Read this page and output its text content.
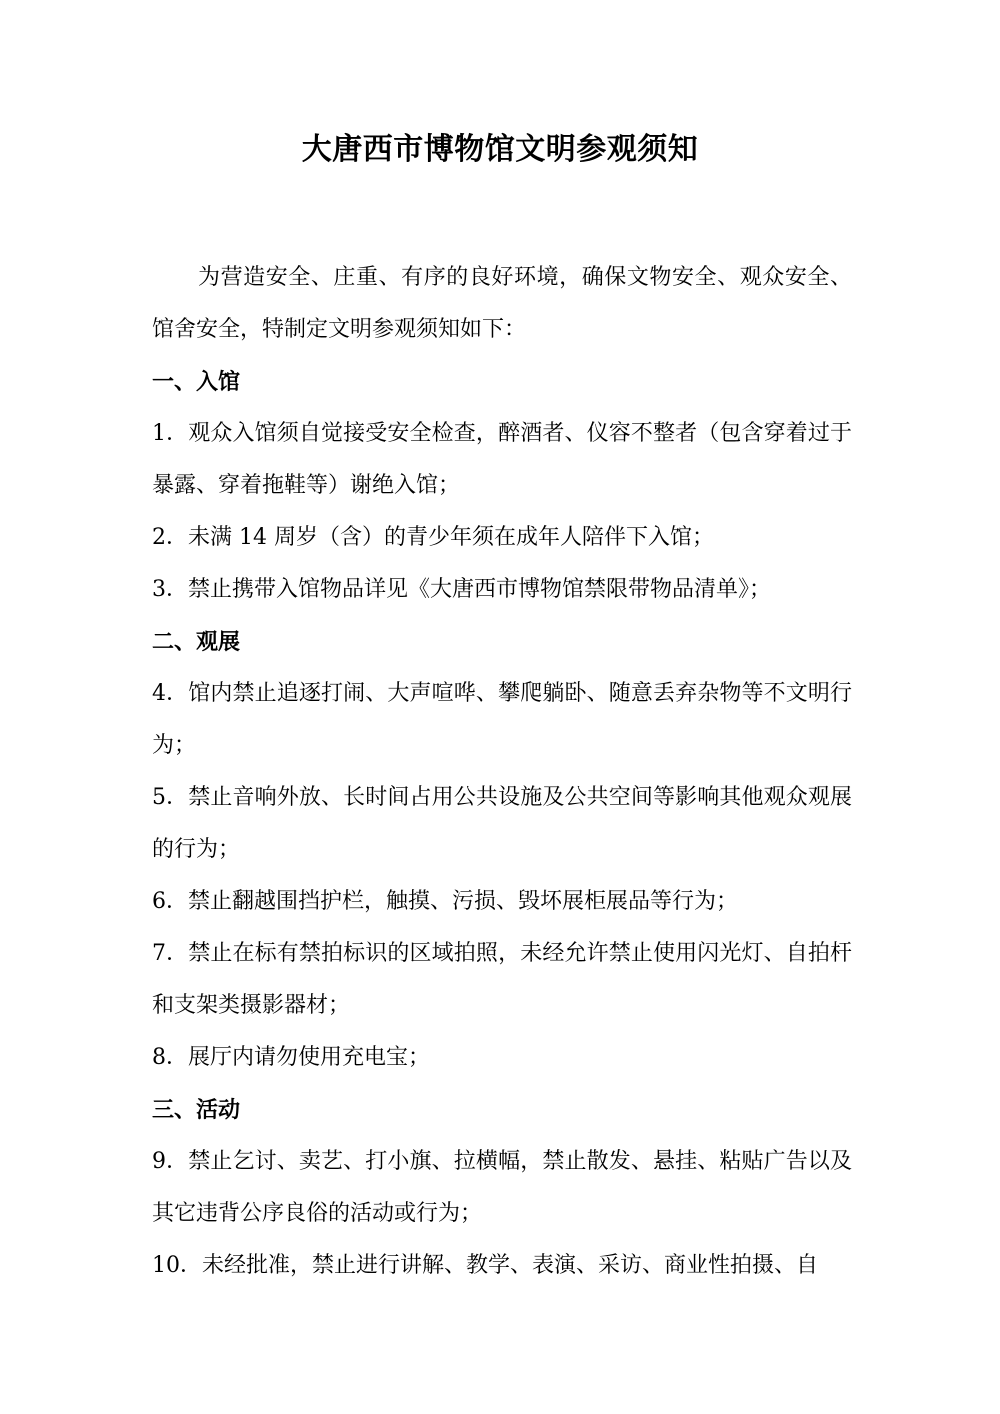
大唐西市博物馆文明参观须知

为营造安全、庄重、有序的良好环境，确保文物安全、观众安全、馆舍安全，特制定文明参观须知如下：

一、入馆

1．观众入馆须自觉接受安全检查，醉酒者、仪容不整者（包含穿着过于暴露、穿着拖鞋等）谢绝入馆；

2．未满 14 周岁（含）的青少年须在成年人陪伴下入馆；

3．禁止携带入馆物品详见《大唐西市博物馆禁限带物品清单》；

二、观展

4．馆内禁止追逐打闹、大声喧哗、攀爬躺卧、随意丢弃杂物等不文明行为；

5．禁止音响外放、长时间占用公共设施及公共空间等影响其他观众观展的行为；

6．禁止翻越围挡护栏，触摸、污损、毁坏展柜展品等行为；

7．禁止在标有禁拍标识的区域拍照，未经允许禁止使用闪光灯、自拍杆和支架类摄影器材；

8．展厅内请勿使用充电宝；

三、活动

9．禁止乞讨、卖艺、打小旗、拉横幅，禁止散发、悬挂、粘贴广告以及其它违背公序良俗的活动或行为；

10．未经批准，禁止进行讲解、教学、表演、采访、商业性拍摄、自
